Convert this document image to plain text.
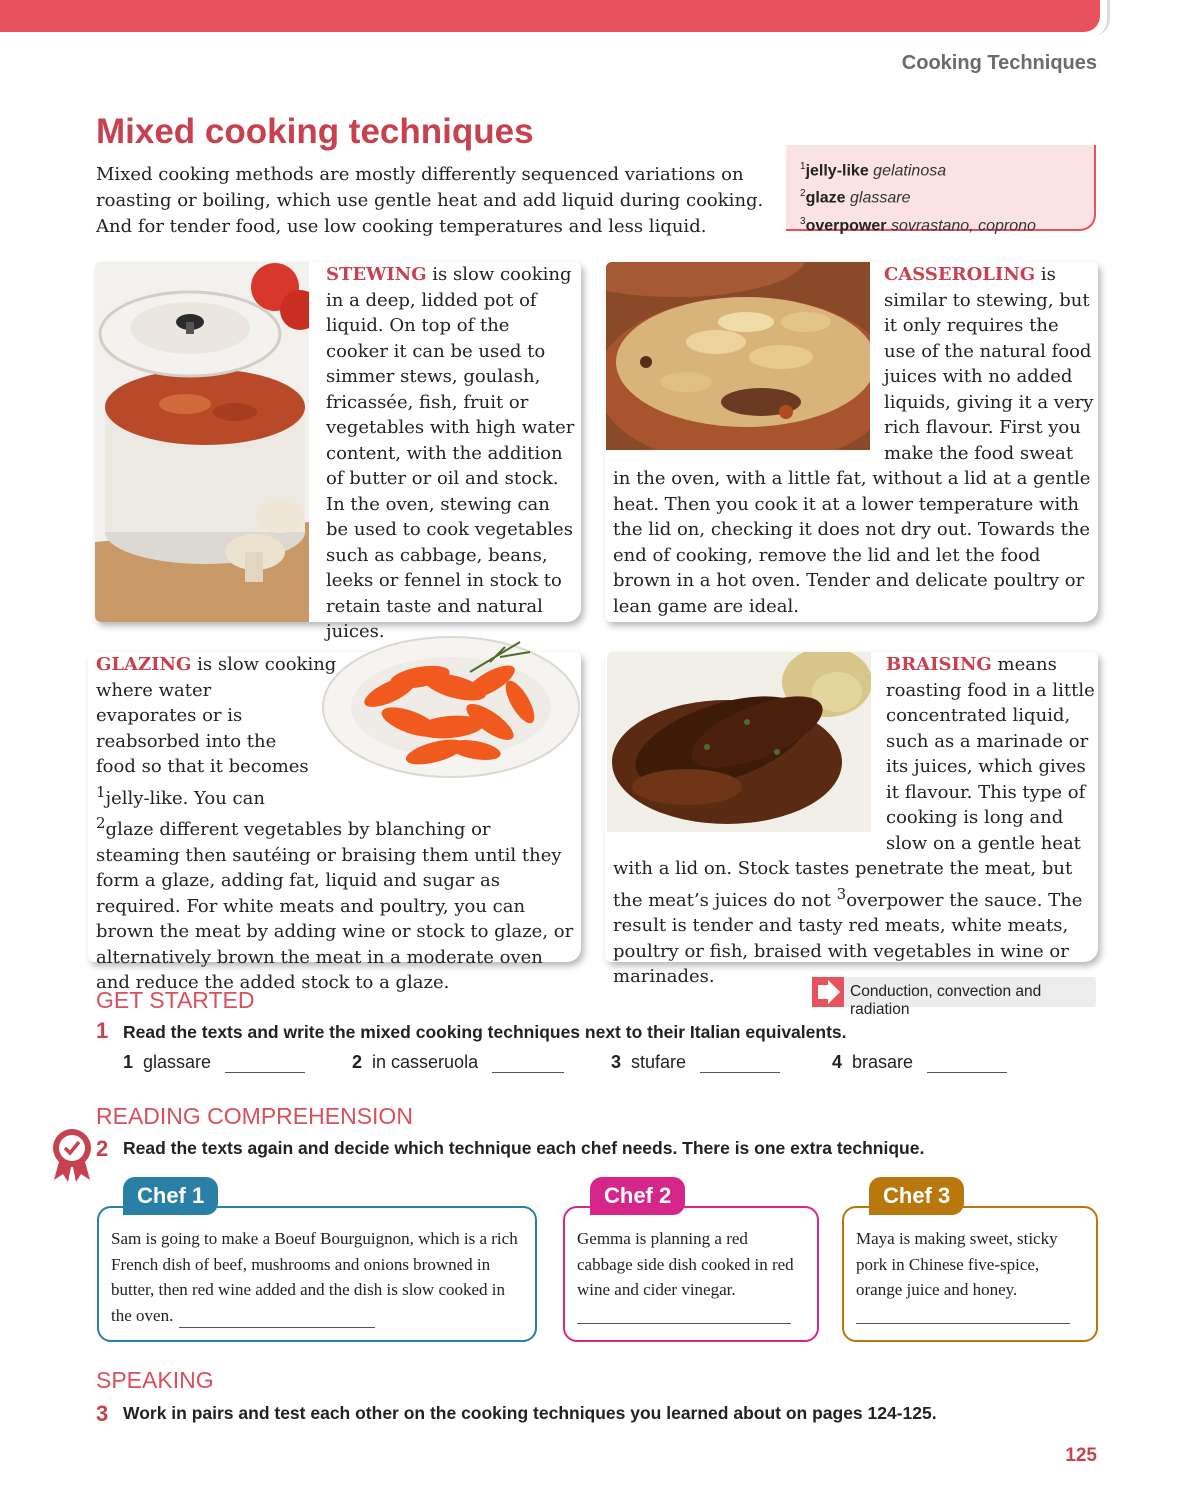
Cooking Techniques
Mixed cooking techniques
Mixed cooking methods are mostly differently sequenced variations on roasting or boiling, which use gentle heat and add liquid during cooking. And for tender food, use low cooking temperatures and less liquid.
$^1$jelly-like gelatinosa
$^2$glaze glassare
$^3$overpower sovrastano, coprono

STEWING is slow cooking in a deep, lidded pot of liquid. On top of the cooker it can be used to simmer stews, goulash, fricassée, fish, fruit or vegetables with high water content, with the addition of butter or oil and stock. In the oven, stewing can be used to cook vegetables such as cabbage, beans, leeks or fennel in stock to retain taste and natural juices.

CASSEROLING is similar to stewing, but it only requires the use of the natural food juices with no added liquids, giving it a very rich flavour. First you make the food sweat

in the oven, with a little fat, without a lid at a gentle heat. Then you cook it at a lower temperature with the lid on, checking it does not dry out. Towards the end of cooking, remove the lid and let the food brown in a hot oven. Tender and delicate poultry or lean game are ideal.

GLAZING is slow cooking where water evaporates or is reabsorbed into the food so that it becomes $^1$jelly-like. You can
$^2$glaze different vegetables by blanching or steaming then sautéing or braising them until they form a glaze, adding fat, liquid and sugar as required. For white meats and poultry, you can brown the meat by adding wine or stock to glaze, or alternatively brown the meat in a moderate oven and reduce the added stock to a glaze.

BRAISING means roasting food in a little concentrated liquid, such as a marinade or its juices, which gives it flavour. This type of cooking is long and slow on a gentle heat

with a lid on. Stock tastes penetrate the meat, but the meat’s juices do not $^3$overpower the sauce. The result is tender and tasty red meats, white meats, poultry or fish, braised with vegetables in wine or marinades.

GET STARTED	Conduction, convection and radiation
1 Read the texts and write the mixed cooking techniques next to their Italian equivalents.
1 glassare	2 in casseruola	3 stufare	4 brasare
READING COMPREHENSION
2 Read the texts again and decide which technique each chef needs. There is one extra technique.
Sam is going to make a Boeuf Bourguignon, which is a rich French dish of beef, mushrooms and onions browned in butter, then red wine added and the dish is slow cooked in the oven.
Chef 1
Gemma is planning a red cabbage side dish cooked in red wine and cider vinegar.
Chef 2
Maya is making sweet, sticky pork in Chinese five-spice, orange juice and honey.
Chef 3
SPEAKING
3 Work in pairs and test each other on the cooking techniques you learned about on pages 124-125.
125
